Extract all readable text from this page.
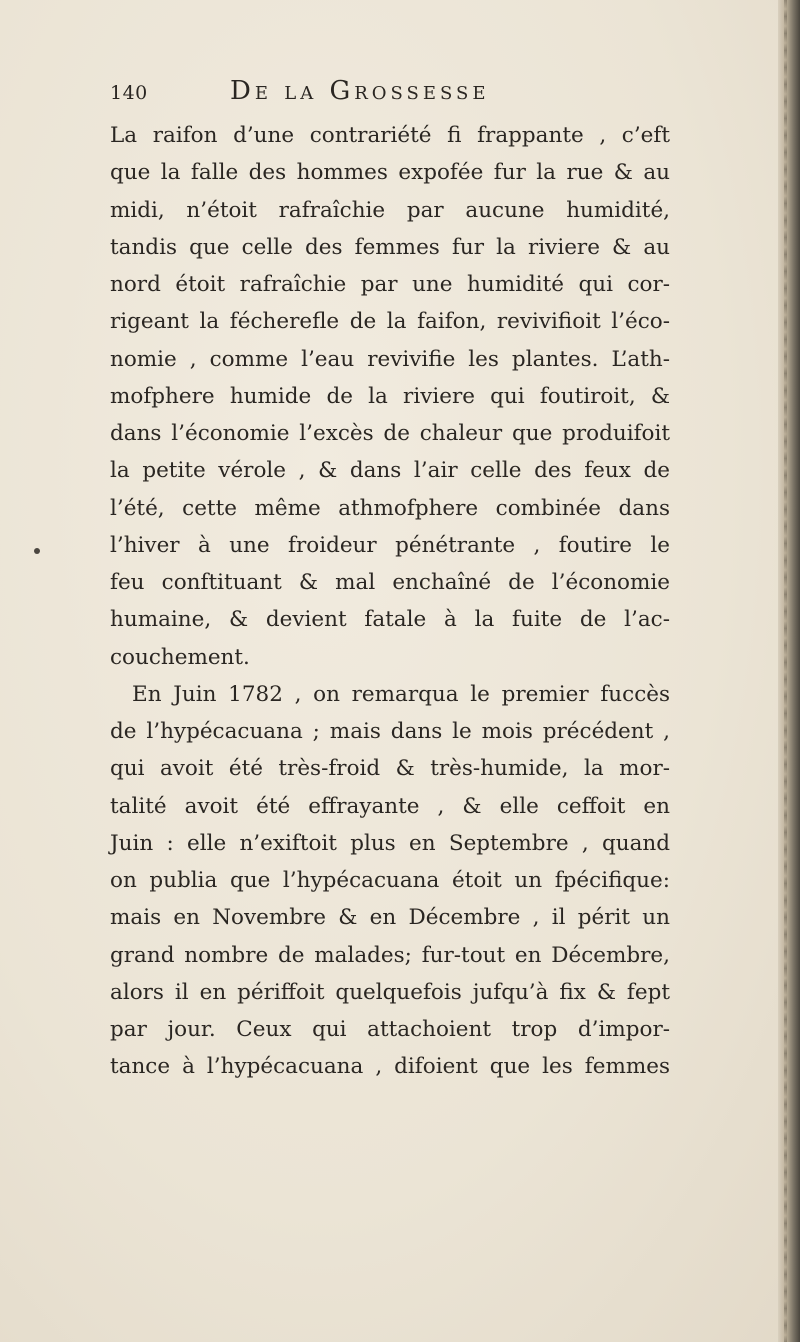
140	De la Grossesse
La raifon d’une contrariété fi frappante , c’eft
que la falle des hommes expofée fur la rue & au
midi, n’étoit rafraîchie par aucune humidité,
tandis que celle des femmes fur la riviere & au
nord étoit rafraîchie par une humidité qui cor-
rigeant la fécherefle de la faifon, revivifioit l’éco-
nomie , comme l’eau revivifie les plantes. L’ath-
mofphere humide de la riviere qui foutiroit, &
dans l’économie l’excès de chaleur que produifoit
la petite vérole , & dans l’air celle des feux de
l’été, cette même athmofphere combinée dans
l’hiver à une froideur pénétrante , foutire le
feu conftituant & mal enchaîné de l’économie
humaine, & devient fatale à la fuite de l’ac-
couchement.
En Juin 1782 , on remarqua le premier fuccès
de l’hypécacuana ; mais dans le mois précédent ,
qui avoit été très-froid & très-humide, la mor-
talité avoit été effrayante , & elle ceffoit en
Juin : elle n’exiftoit plus en Septembre , quand
on publia que l’hypécacuana étoit un fpécifique:
mais en Novembre & en Décembre , il périt un
grand nombre de malades; fur-tout en Décembre,
alors il en périffoit quelquefois jufqu’à fix & fept
par jour. Ceux qui attachoient trop d’impor-
tance à l’hypécacuana , difoient que les femmes
